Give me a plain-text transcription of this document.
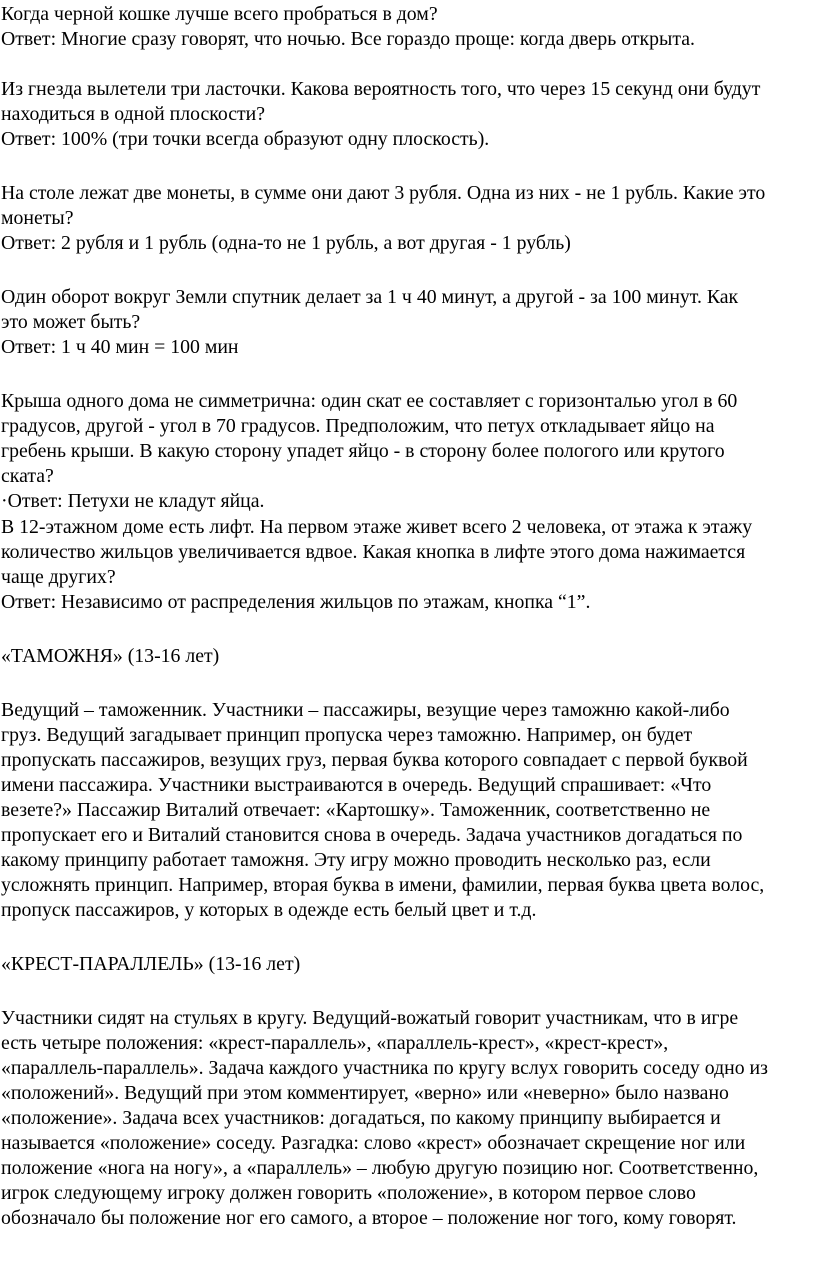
Когда черной кошке лучше всего пробраться в дом?
Ответ: Многие сразу говорят, что ночью. Все гораздо проще: когда дверь открыта.
Из гнезда вылетели три ласточки. Какова вероятность того, что через 15 секунд они будут
находиться в одной плоскости?
Ответ: 100% (три точки всегда образуют одну плоскость).
На столе лежат две монеты, в сумме они дают 3 рубля. Одна из них - не 1 рубль. Какие это
монеты?
Ответ: 2 рубля и 1 рубль (одна-то не 1 рубль, а вот другая - 1 рубль)
Один оборот вокруг Земли спутник делает за 1 ч 40 минут, а другой - за 100 минут. Как
это может быть?
Ответ: 1 ч 40 мин = 100 мин
Крыша одного дома не симметрична: один скат ее составляет с горизонталью угол в 60
градусов, другой - угол в 70 градусов. Предположим, что петух откладывает яйцо на
гребень крыши. В какую сторону упадет яйцо - в сторону более пологого или крутого
ската?
·Ответ: Петухи не кладут яйца.
В 12-этажном доме есть лифт. На первом этаже живет всего 2 человека, от этажа к этажу
количество жильцов увеличивается вдвое. Какая кнопка в лифте этого дома нажимается
чаще других?
Ответ: Независимо от распределения жильцов по этажам, кнопка “1”.
«ТАМОЖНЯ» (13-16 лет)
Ведущий – таможенник. Участники – пассажиры, везущие через таможню какой-либо
груз. Ведущий загадывает принцип пропуска через таможню. Например, он будет
пропускать пассажиров, везущих груз, первая буква которого совпадает с первой буквой
имени пассажира. Участники выстраиваются в очередь. Ведущий спрашивает: «Что
везете?» Пассажир Виталий отвечает: «Картошку». Таможенник, соответственно не
пропускает его и Виталий становится снова в очередь. Задача участников догадаться по
какому принципу работает таможня. Эту игру можно проводить несколько раз, если
усложнять принцип. Например, вторая буква в имени, фамилии, первая буква цвета волос,
пропуск пассажиров, у которых в одежде есть белый цвет и т.д.
«КРЕСТ-ПАРАЛЛЕЛЬ» (13-16 лет)
Участники сидят на стульях в кругу. Ведущий-вожатый говорит участникам, что в игре
есть четыре положения: «крест-параллель», «параллель-крест», «крест-крест»,
«параллель-параллель». Задача каждого участника по кругу вслух говорить соседу одно из
«положений». Ведущий при этом комментирует, «верно» или «неверно» было названо
«положение». Задача всех участников: догадаться, по какому принципу выбирается и
называется «положение» соседу. Разгадка: слово «крест» обозначает скрещение ног или
положение «нога на ногу», а «параллель» – любую другую позицию ног. Соответственно,
игрок следующему игроку должен говорить «положение», в котором первое слово
обозначало бы положение ног его самого, а второе – положение ног того, кому говорят.
